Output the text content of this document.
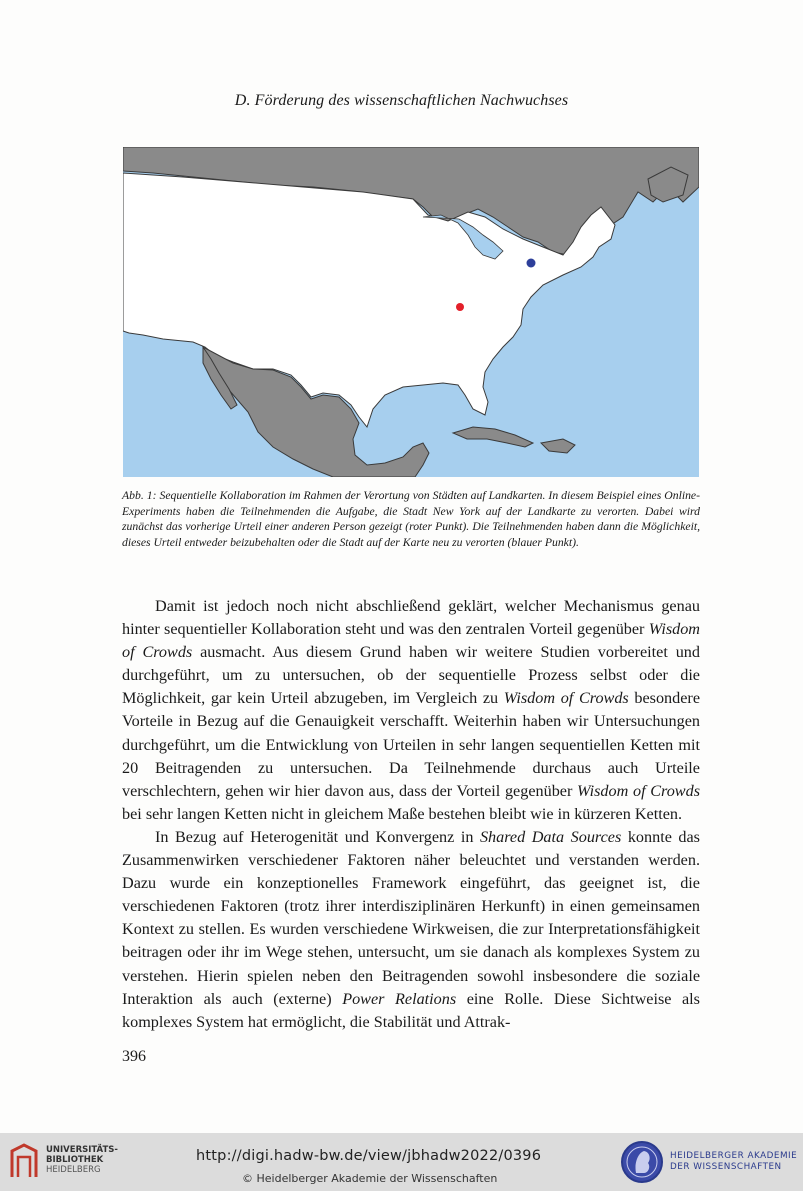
D. Förderung des wissenschaftlichen Nachwuchses

Abb. 1: Sequentielle Kollaboration im Rahmen der Verortung von Städten auf Landkarten. In diesem Beispiel eines Online-Experiments haben die Teilnehmenden die Aufgabe, die Stadt New York auf der Landkarte zu verorten. Dabei wird zunächst das vorherige Urteil einer anderen Person gezeigt (roter Punkt). Die Teilnehmenden haben dann die Möglichkeit, dieses Urteil entweder beizubehalten oder die Stadt auf der Karte neu zu verorten (blauer Punkt).

Damit ist jedoch noch nicht abschließend geklärt, welcher Mechanismus genau hinter sequentieller Kollaboration steht und was den zentralen Vorteil gegenüber Wisdom of Crowds ausmacht. Aus diesem Grund haben wir weitere Studien vorbereitet und durchgeführt, um zu untersuchen, ob der sequentielle Prozess selbst oder die Möglichkeit, gar kein Urteil abzugeben, im Vergleich zu Wisdom of Crowds besondere Vorteile in Bezug auf die Genauigkeit verschafft. Weiterhin haben wir Untersuchungen durchgeführt, um die Entwicklung von Urteilen in sehr langen sequentiellen Ketten mit 20 Beitragenden zu untersuchen. Da Teilnehmende durchaus auch Urteile verschlechtern, gehen wir hier davon aus, dass der Vorteil gegenüber Wisdom of Crowds bei sehr langen Ketten nicht in gleichem Maße bestehen bleibt wie in kürzeren Ketten.

In Bezug auf Heterogenität und Konvergenz in Shared Data Sources konnte das Zusammenwirken verschiedener Faktoren näher beleuchtet und verstanden werden. Dazu wurde ein konzeptionelles Framework eingeführt, das geeignet ist, die verschiedenen Faktoren (trotz ihrer interdisziplinären Herkunft) in einen gemeinsamen Kontext zu stellen. Es wurden verschiedene Wirkweisen, die zur Interpretationsfähigkeit beitragen oder ihr im Wege stehen, untersucht, um sie danach als komplexes System zu verstehen. Hierin spielen neben den Beitragenden sowohl insbesondere die soziale Interaktion als auch (externe) Power Relations eine Rolle. Diese Sichtweise als komplexes System hat ermöglicht, die Stabilität und Attrak-

396
UNIVERSITÄTS-
BIBLIOTHEK
HEIDELBERG
http://digi.hadw-bw.de/view/jbhadw2022/0396
© Heidelberger Akademie der Wissenschaften
HEIDELBERGER AKADEMIE
DER WISSENSCHAFTEN
